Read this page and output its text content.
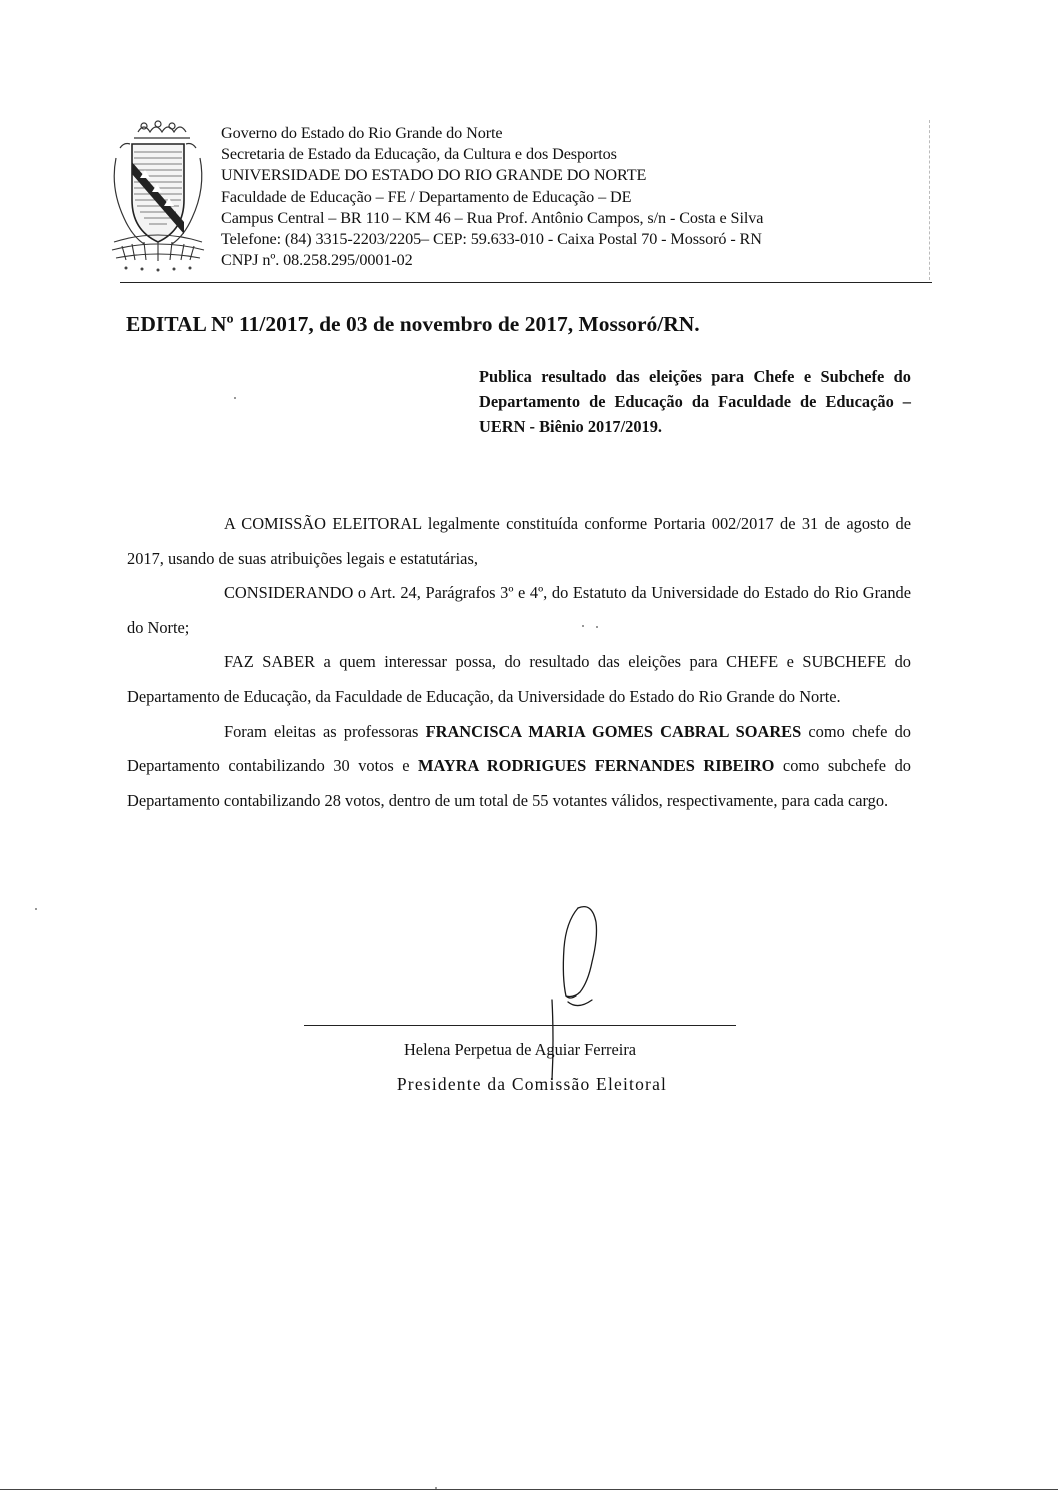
Governo do Estado do Rio Grande do Norte
Secretaria de Estado da Educação, da Cultura e dos Desportos
UNIVERSIDADE DO ESTADO DO RIO GRANDE DO NORTE
Faculdade de Educação – FE / Departamento de Educação – DE
Campus Central – BR 110 – KM 46 – Rua Prof. Antônio Campos, s/n - Costa e Silva
Telefone: (84) 3315-2203/2205– CEP: 59.633-010 - Caixa Postal 70 - Mossoró - RN
CNPJ nº. 08.258.295/0001-02
EDITAL Nº 11/2017, de 03 de novembro de 2017, Mossoró/RN.
Publica resultado das eleições para Chefe e Subchefe do Departamento de Educação da Faculdade de Educação – UERN - Biênio 2017/2019.

A COMISSÃO ELEITORAL legalmente constituída conforme Portaria 002/2017 de 31 de agosto de 2017, usando de suas atribuições legais e estatutárias,

CONSIDERANDO o Art. 24, Parágrafos 3º e 4º, do Estatuto da Universidade do Estado do Rio Grande do Norte;

FAZ SABER a quem interessar possa, do resultado das eleições para CHEFE e SUBCHEFE do Departamento de Educação, da Faculdade de Educação, da Universidade do Estado do Rio Grande do Norte.

Foram eleitas as professoras FRANCISCA MARIA GOMES CABRAL SOARES como chefe do Departamento contabilizando 30 votos e MAYRA RODRIGUES FERNANDES RIBEIRO como subchefe do Departamento contabilizando 28 votos, dentro de um total de 55 votantes válidos, respectivamente, para cada cargo.

Helena Perpetua de Aguiar Ferreira
Presidente da Comissão Eleitoral
